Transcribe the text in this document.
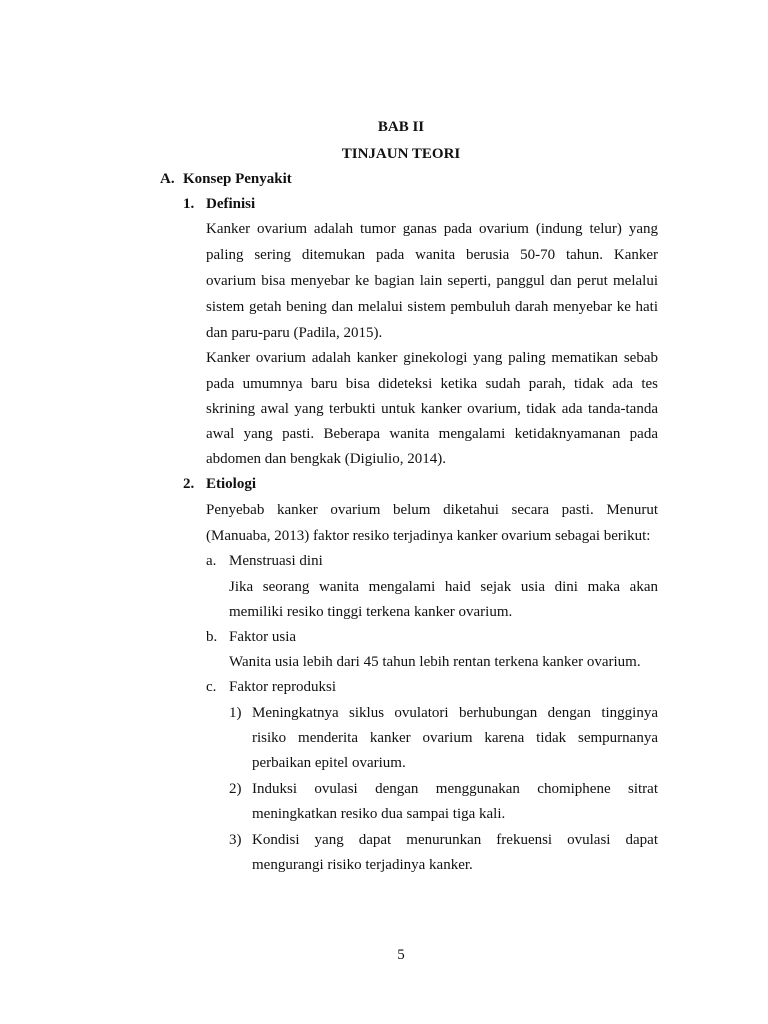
BAB II
TINJAUN TEORI
A. Konsep Penyakit
1. Definisi
Kanker ovarium adalah tumor ganas pada ovarium (indung telur) yang
paling sering ditemukan pada wanita berusia 50-70 tahun. Kanker
ovarium bisa menyebar ke bagian lain seperti, panggul dan perut melalui
sistem getah bening dan melalui sistem pembuluh darah menyebar ke hati
dan paru-paru (Padila, 2015).
Kanker ovarium adalah kanker ginekologi yang paling mematikan sebab
pada umumnya baru bisa dideteksi ketika sudah parah, tidak ada tes
skrining awal yang terbukti untuk kanker ovarium, tidak ada tanda-tanda
awal yang pasti. Beberapa wanita mengalami ketidaknyamanan pada
abdomen dan bengkak (Digiulio, 2014).
2. Etiologi
Penyebab kanker ovarium belum diketahui secara pasti. Menurut
(Manuaba, 2013) faktor resiko terjadinya kanker ovarium sebagai berikut:
a. Menstruasi dini
Jika seorang wanita mengalami haid sejak usia dini maka akan
memiliki resiko tinggi terkena kanker ovarium.
b. Faktor usia
Wanita usia lebih dari 45 tahun lebih rentan terkena kanker ovarium.
c. Faktor reproduksi
1) Meningkatnya siklus ovulatori berhubungan dengan tingginya
risiko menderita kanker ovarium karena tidak sempurnanya
perbaikan epitel ovarium.
2) Induksi ovulasi dengan menggunakan chomiphene sitrat
meningkatkan resiko dua sampai tiga kali.
3) Kondisi yang dapat menurunkan frekuensi ovulasi dapat
mengurangi risiko terjadinya kanker.
5
